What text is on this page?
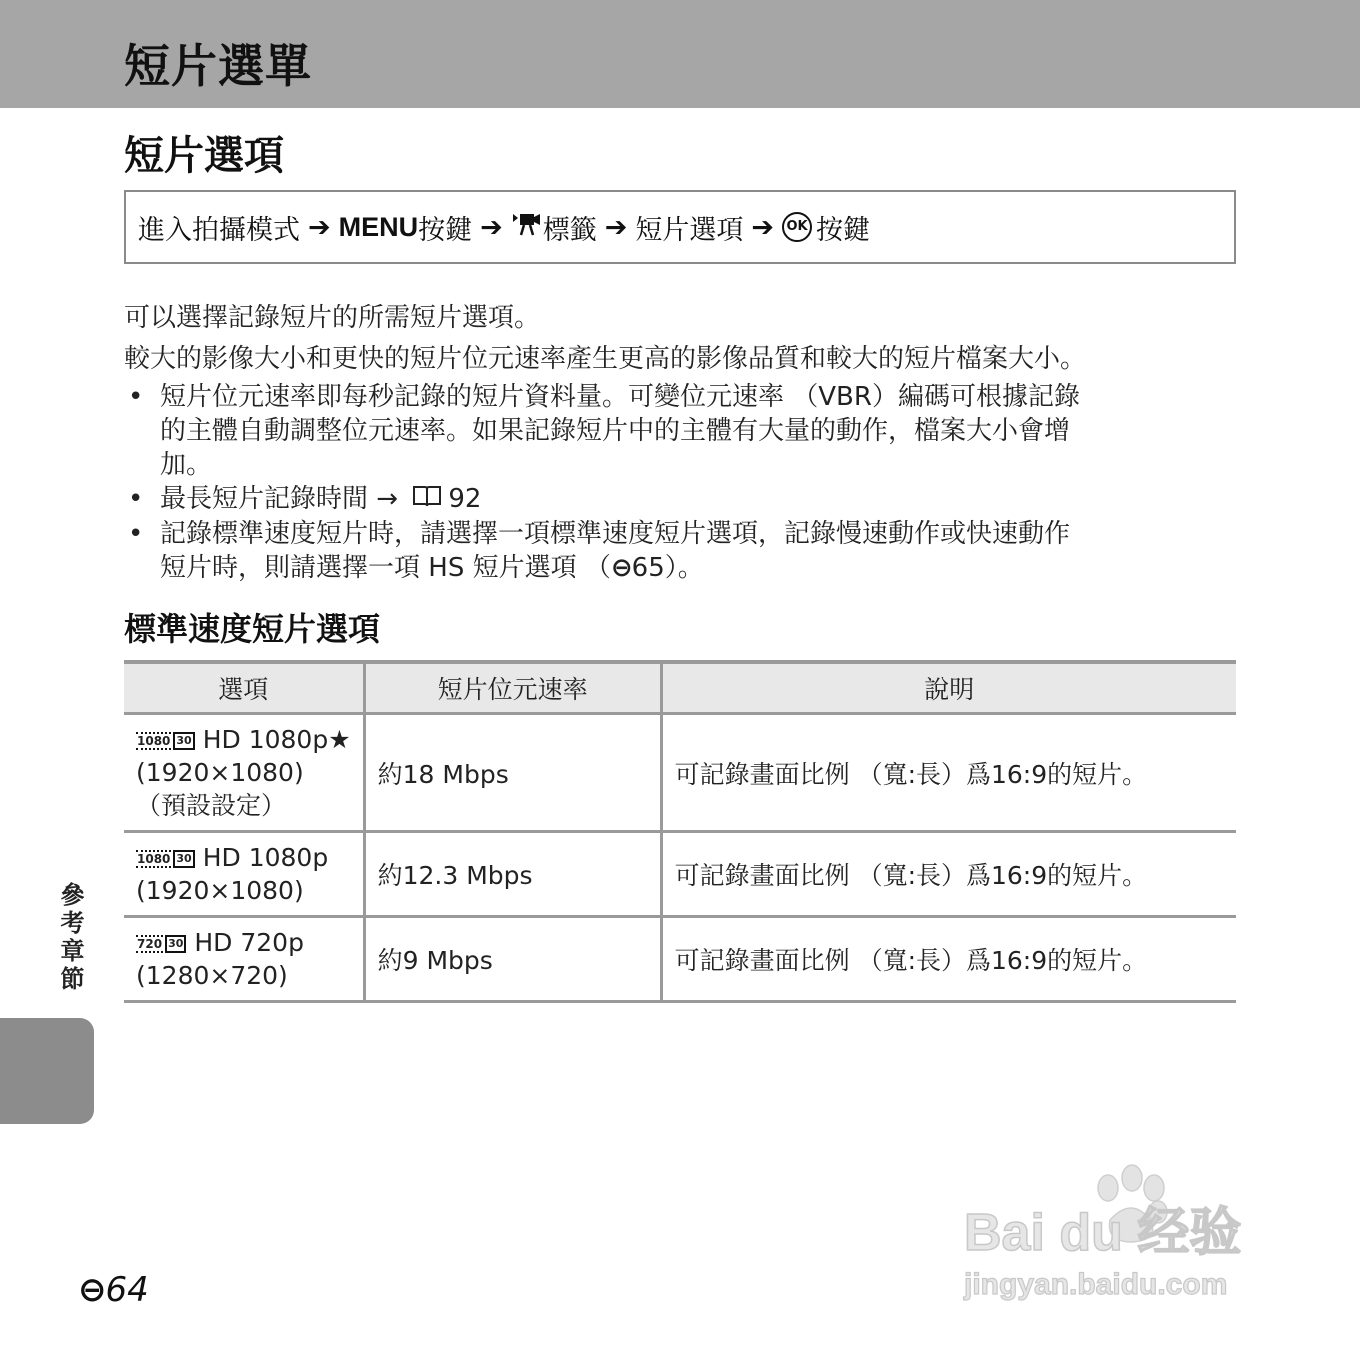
短片選單
短片選項
進入拍攝模式 ➔ MENU 按鍵 ➔ 標籤 ➔ 短片選項 ➔ OK 按鍵

可以選擇記錄短片的所需短片選項。

較大的影像大小和更快的短片位元速率產生更高的影像品質和較大的短片檔案大小。

• 短片位元速率即每秒記錄的短片資料量。可變位元速率 （VBR）編碼可根據記錄
的主體自動調整位元速率。如果記錄短片中的主體有大量的動作，檔案大小會增
加。
• 最長短片記錄時間 → 92
• 記錄標準速度短片時，請選擇一項標準速度短片選項，記錄慢速動作或快速動作
短片時，則請選擇一項 HS 短片選項 （⊖65）。
標準速度短片選項
選項	短片位元速率	說明

1080 30 HD 1080p★
(1920×1080)
（預設設定）	約18 Mbps	可記錄畫面比例 （寬:長）爲16:9的短片。

1080 30 HD 1080p
(1920×1080)	約12.3 Mbps	可記錄畫面比例 （寬:長）爲16:9的短片。

720 30 HD 720p
(1280×720)	約9 Mbps	可記錄畫面比例 （寬:長）爲16:9的短片。
參考章節
⊖64
Bai du 经验
jingyan.baidu.com
